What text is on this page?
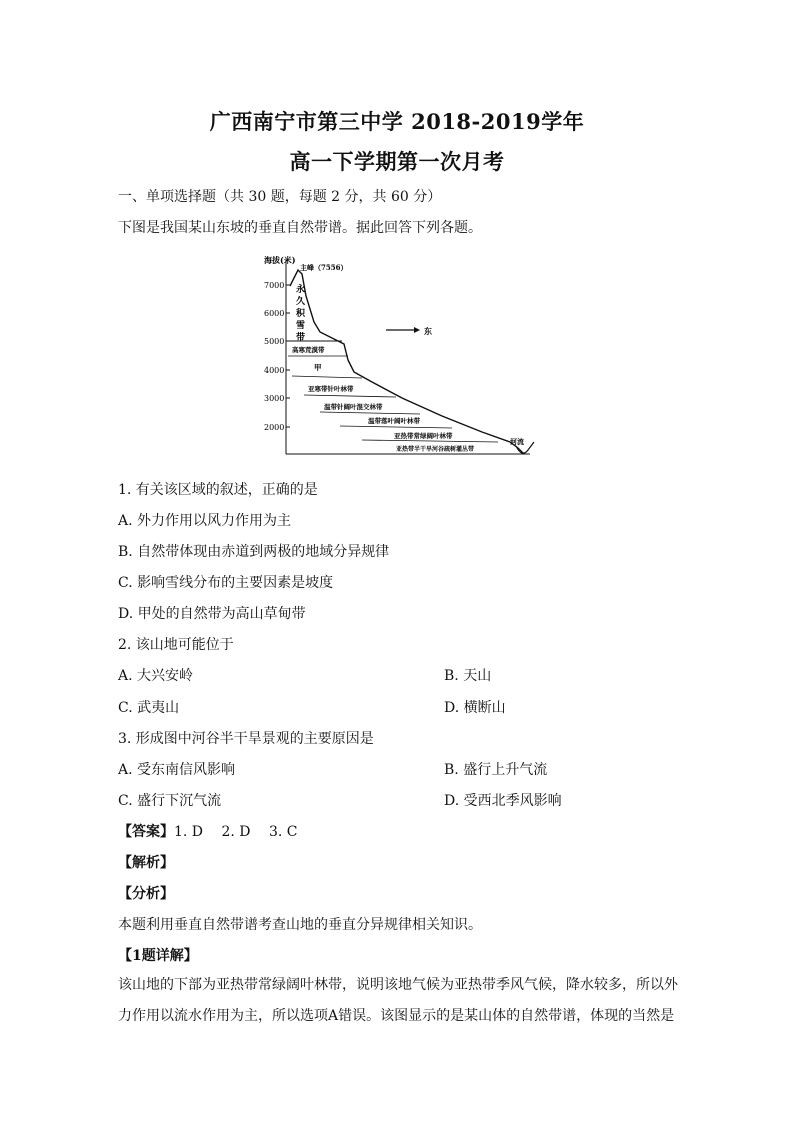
广西南宁市第三中学 2018-2019学年
高一下学期第一次月考
一、单项选择题（共 30 题，每题 2 分，共 60 分）
下图是我国某山东坡的垂直自然带谱。据此回答下列各题。
海拔(米)
7000
6000
5000
4000
3000
2000
主峰（7556）
永
久
积
雪
带
高寒荒漠带
甲
亚寒带针叶林带
温带针阔叶混交林带
温带落叶阔叶林带
亚热带常绿阔叶林带
亚热带半干旱河谷疏树灌丛带
东
河流
1. 有关该区域的叙述，正确的是
A. 外力作用以风力作用为主
B. 自然带体现由赤道到两极的地域分异规律
C. 影响雪线分布的主要因素是坡度
D. 甲处的自然带为高山草甸带
2. 该山地可能位于
A. 大兴安岭	B. 天山
C. 武夷山	D. 横断山
3. 形成图中河谷半干旱景观的主要原因是
A. 受东南信风影响	B. 盛行上升气流
C. 盛行下沉气流	D. 受西北季风影响
【答案】1. D　 2. D　 3. C
【解析】
【分析】
本题利用垂直自然带谱考查山地的垂直分异规律相关知识。
【1题详解】
该山地的下部为亚热带常绿阔叶林带，说明该地气候为亚热带季风气候，降水较多，所以外力作用以流水作用为主，所以选项A错误。该图显示的是某山体的自然带谱，体现的当然是
